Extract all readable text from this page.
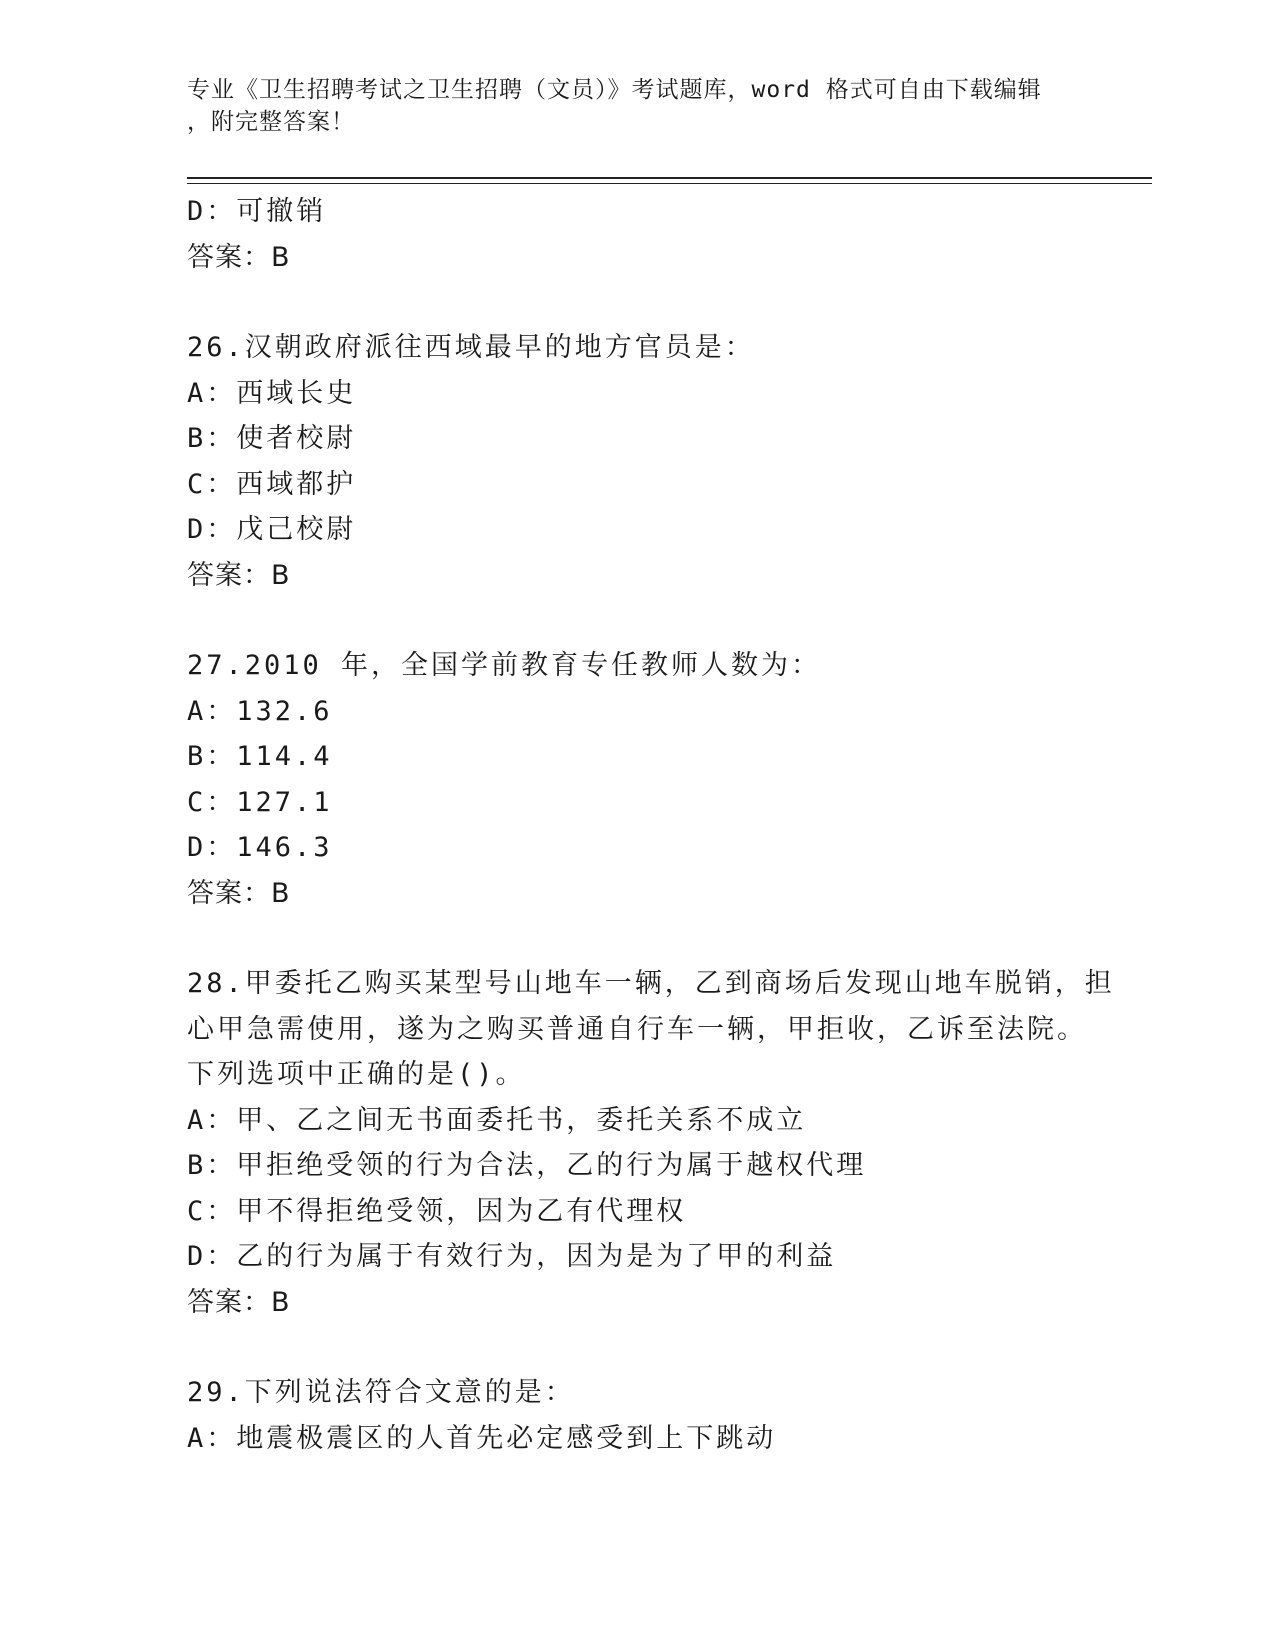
专业《卫生招聘考试之卫生招聘（文员）》考试题库，word 格式可自由下载编辑
，附完整答案！
D：可撤销
答案：B
26.汉朝政府派往西域最早的地方官员是：
A：西域长史
B：使者校尉
C：西域都护
D：戊己校尉
答案：B
27.2010 年，全国学前教育专任教师人数为：
A：132.6
B：114.4
C：127.1
D：146.3
答案：B
28.甲委托乙购买某型号山地车一辆，乙到商场后发现山地车脱销，担
心甲急需使用，遂为之购买普通自行车一辆，甲拒收，乙诉至法院。
下列选项中正确的是()。
A：甲、乙之间无书面委托书，委托关系不成立
B：甲拒绝受领的行为合法，乙的行为属于越权代理
C：甲不得拒绝受领，因为乙有代理权
D：乙的行为属于有效行为，因为是为了甲的利益
答案：B
29.下列说法符合文意的是：
A：地震极震区的人首先必定感受到上下跳动
